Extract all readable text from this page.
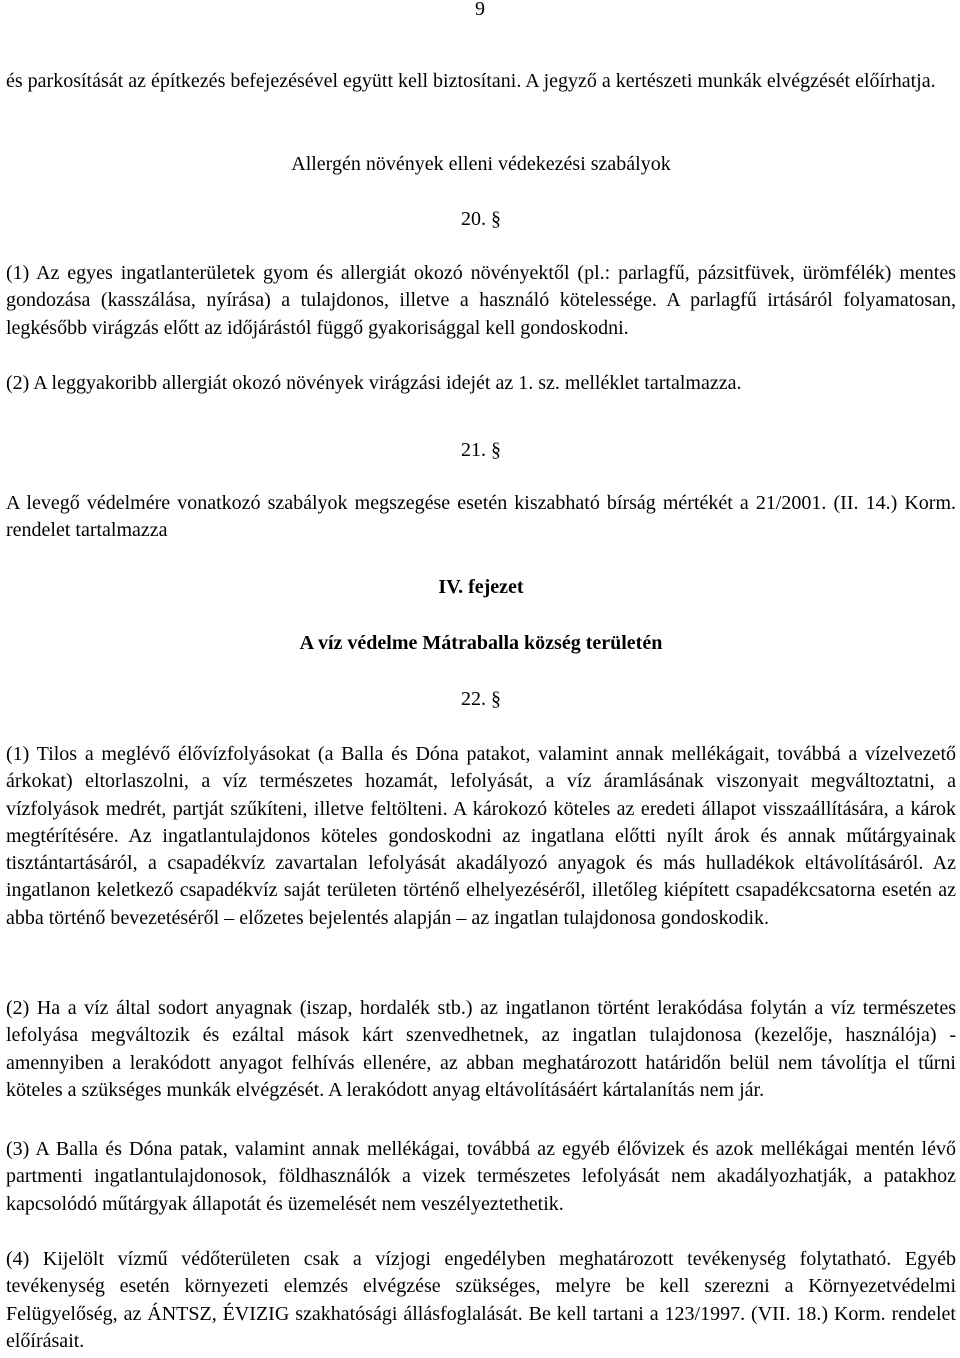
9

és parkosítását az építkezés befejezésével együtt kell biztosítani. A jegyző a kertészeti munkák elvégzését előírhatja.

Allergén növények elleni védekezési szabályok
20. §

(1) Az egyes ingatlanterületek gyom és allergiát okozó növényektől (pl.: parlagfű, pázsitfüvek, ürömfélék) mentes gondozása (kasszálása, nyírása) a tulajdonos, illetve a használó kötelessége. A parlagfű irtásáról folyamatosan, legkésőbb virágzás előtt az időjárástól függő gyakorisággal kell gondoskodni.

(2) A leggyakoribb allergiát okozó növények virágzási idejét az 1. sz. melléklet tartalmazza.

21. §

A levegő védelmére vonatkozó szabályok megszegése esetén kiszabható bírság mértékét a 21/2001. (II. 14.) Korm. rendelet tartalmazza

IV. fejezet
A víz védelme Mátraballa község területén
22. §

(1) Tilos a meglévő élővízfolyásokat (a Balla és Dóna patakot, valamint annak mellékágait, továbbá a vízelvezető árkokat) eltorlaszolni, a víz természetes hozamát, lefolyását, a víz áramlásának viszonyait megváltoztatni, a vízfolyások medrét, partját szűkíteni, illetve feltölteni. A károkozó köteles az eredeti állapot visszaállítására, a károk megtérítésére. Az ingatlantulajdonos köteles gondoskodni az ingatlana előtti nyílt árok és annak műtárgyainak tisztántartásáról, a csapadékvíz zavartalan lefolyását akadályozó anyagok és más hulladékok eltávolításáról. Az ingatlanon keletkező csapadékvíz saját területen történő elhelyezéséről, illetőleg kiépített csapadékcsatorna esetén az abba történő bevezetéséről – előzetes bejelentés alapján – az ingatlan tulajdonosa gondoskodik.

(2) Ha a víz által sodort anyagnak (iszap, hordalék stb.) az ingatlanon történt lerakódása folytán a víz természetes lefolyása megváltozik és ezáltal mások kárt szenvedhetnek, az ingatlan tulajdonosa (kezelője, használója) - amennyiben a lerakódott anyagot felhívás ellenére, az abban meghatározott határidőn belül nem távolítja el tűrni köteles a szükséges munkák elvégzését. A lerakódott anyag eltávolításáért kártalanítás nem jár.

(3) A Balla és Dóna patak, valamint annak mellékágai, továbbá az egyéb élővizek és azok mellékágai mentén lévő partmenti ingatlantulajdonosok, földhasználók a vizek természetes lefolyását nem akadályozhatják, a patakhoz kapcsolódó műtárgyak állapotát és üzemelését nem veszélyeztethetik.

(4) Kijelölt vízmű védőterületen csak a vízjogi engedélyben meghatározott tevékenység folytatható. Egyéb tevékenység esetén környezeti elemzés elvégzése szükséges, melyre be kell szerezni a Környezetvédelmi Felügyelőség, az ÁNTSZ, ÉVIZIG szakhatósági állásfoglalását. Be kell tartani a 123/1997. (VII. 18.) Korm. rendelet előírásait.
